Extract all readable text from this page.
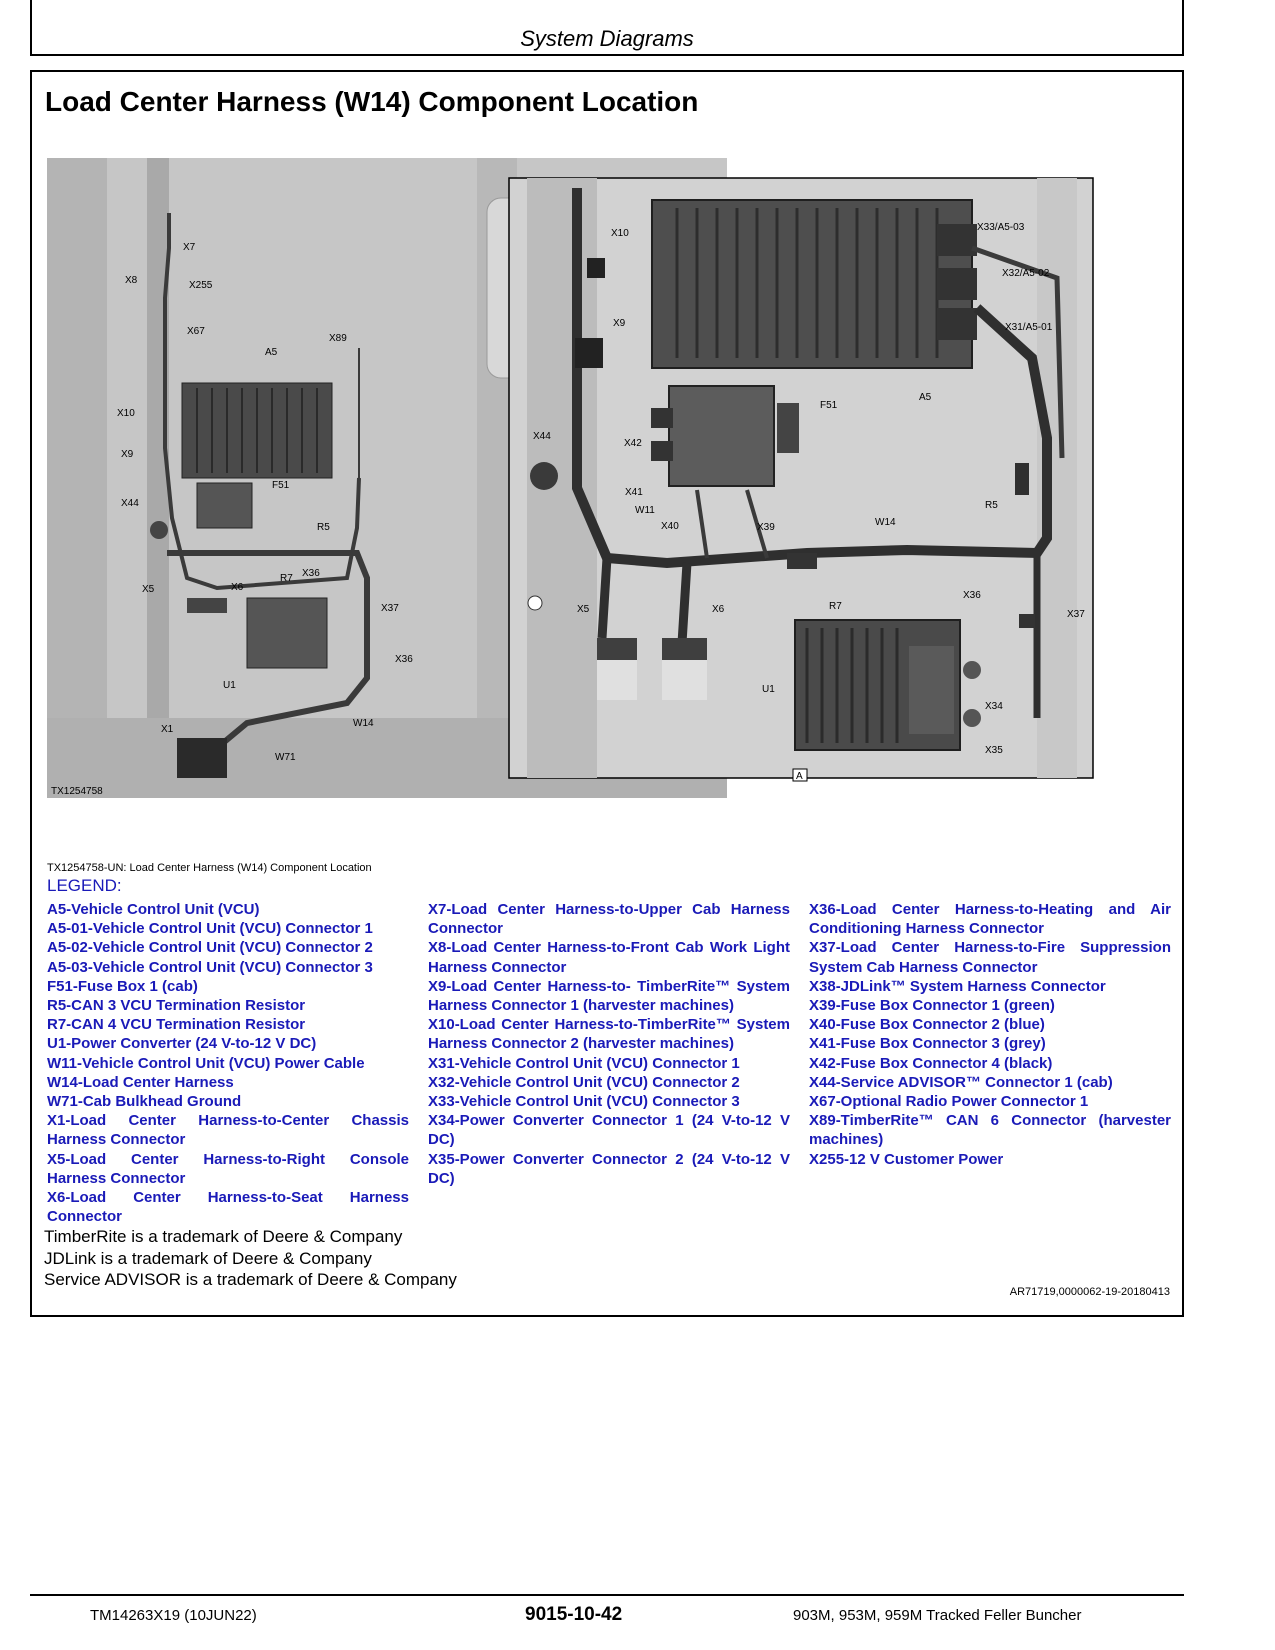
System Diagrams
Load Center Harness (W14) Component Location
X7
X8	X255
X67
X89
A5
X10
X9
F51
X44
R5
R7 X36
X5	X6
X37
X36
U1
W14
X1
W71
TX1254758
X10
X33/A5-03
X32/A5-02
X31/A5-01
X9
A5
F51
X44
X42
X41
W11
X40	X39	W14
R5
R7
X36
X37
X5	X6
U1
X34
X35
A
TX1254758-UN: Load Center Harness (W14) Component Location
LEGEND:
A5-Vehicle Control Unit (VCU)
A5-01-Vehicle Control Unit (VCU) Connector 1
A5-02-Vehicle Control Unit (VCU) Connector 2
A5-03-Vehicle Control Unit (VCU) Connector 3
F51-Fuse Box 1 (cab)
R5-CAN 3 VCU Termination Resistor
R7-CAN 4 VCU Termination Resistor
U1-Power Converter (24 V-to-12 V DC)
W11-Vehicle Control Unit (VCU) Power Cable
W14-Load Center Harness
W71-Cab Bulkhead Ground
X1-Load Center Harness-to-Center Chassis Harness Connector
X5-Load Center Harness-to-Right Console Harness Connector
X6-Load Center Harness-to-Seat Harness Connector
X7-Load Center Harness-to-Upper Cab Harness Connector
X8-Load Center Harness-to-Front Cab Work Light Harness Connector
X9-Load Center Harness-to- TimberRite™ System Harness Connector 1 (harvester machines)
X10-Load Center Harness-to-TimberRite™ System Harness Connector 2 (harvester machines)
X31-Vehicle Control Unit (VCU) Connector 1
X32-Vehicle Control Unit (VCU) Connector 2
X33-Vehicle Control Unit (VCU) Connector 3
X34-Power Converter Connector 1 (24 V-to-12 V DC)
X35-Power Converter Connector 2 (24 V-to-12 V DC)
X36-Load Center Harness-to-Heating and Air Conditioning Harness Connector
X37-Load Center Harness-to-Fire Suppression System Cab Harness Connector
X38-JDLink™ System Harness Connector
X39-Fuse Box Connector 1 (green)
X40-Fuse Box Connector 2 (blue)
X41-Fuse Box Connector 3 (grey)
X42-Fuse Box Connector 4 (black)
X44-Service ADVISOR™ Connector 1 (cab)
X67-Optional Radio Power Connector 1
X89-TimberRite™ CAN 6 Connector (harvester machines)
X255-12 V Customer Power
TimberRite is a trademark of Deere & Company
JDLink is a trademark of Deere & Company
Service ADVISOR is a trademark of Deere & Company
AR71719,0000062-19-20180413
TM14263X19 (10JUN22)	9015-10-42	903M, 953M, 959M Tracked Feller Buncher
